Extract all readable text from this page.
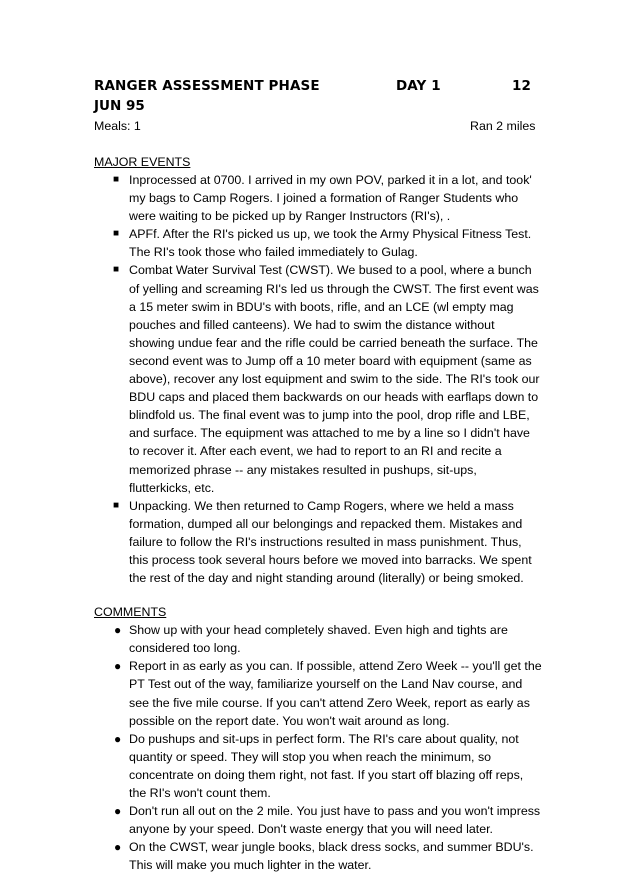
RANGER ASSESSMENT PHASE	DAY 1	12
JUN 95
Meals: 1	Ran 2 miles
MAJOR EVENTS
■ Inprocessed at 0700. I arrived in my own POV, parked it in a lot, and took' my bags to Camp Rogers. I joined a formation of Ranger Students who were waiting to be picked up by Ranger Instructors (RI's), .
■ APFf. After the RI's picked us up, we took the Army Physical Fitness Test. The RI's took those who failed immediately to Gulag.
■ Combat Water Survival Test (CWST). We bused to a pool, where a bunch of yelling and screaming RI's led us through the CWST. The first event was a 15 meter swim in BDU's with boots, rifle, and an LCE (wl empty mag pouches and filled canteens). We had to swim the distance without showing undue fear and the rifle could be carried beneath the surface. The second event was to Jump off a 10 meter board with equipment (same as above), recover any lost equipment and swim to the side. The RI's took our BDU caps and placed them backwards on our heads with earflaps down to blindfold us. The final event was to jump into the pool, drop rifle and LBE, and surface. The equipment was attached to me by a line so I didn't have to recover it. After each event, we had to report to an RI and recite a memorized phrase -- any mistakes resulted in pushups, sit-ups, flutterkicks, etc.
■ Unpacking. We then returned to Camp Rogers, where we held a mass formation, dumped all our belongings and repacked them. Mistakes and failure to follow the RI's instructions resulted in mass punishment. Thus, this process took several hours before we moved into barracks. We spent the rest of the day and night standing around (literally) or being smoked.
COMMENTS
● Show up with your head completely shaved. Even high and tights are considered too long.
● Report in as early as you can. If possible, attend Zero Week -- you'll get the PT Test out of the way, familiarize yourself on the Land Nav course, and see the five mile course. If you can't attend Zero Week, report as early as possible on the report date. You won't wait around as long.
● Do pushups and sit-ups in perfect form. The RI's care about quality, not quantity or speed. They will stop you when reach the minimum, so concentrate on doing them right, not fast. If you start off blazing off reps, the RI's won't count them.
● Don't run all out on the 2 mile. You just have to pass and you won't impress anyone by your speed. Don't waste energy that you will need later.
● On the CWST, wear jungle books, black dress socks, and summer BDU's. This will make you much lighter in the water.
